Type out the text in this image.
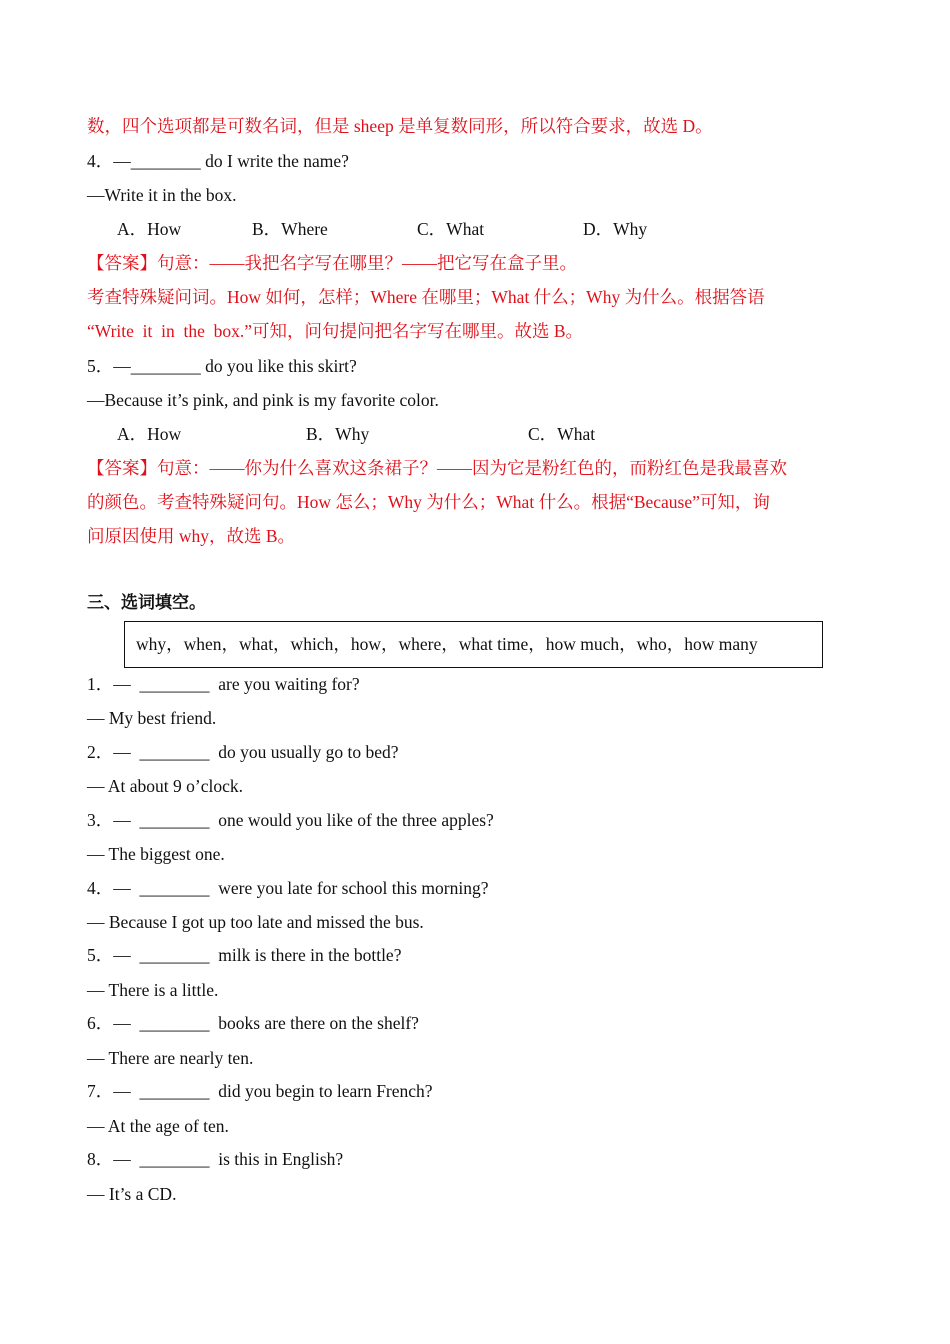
数，四个选项都是可数名词，但是 sheep 是单复数同形，所以符合要求，故选 D。
4．—________ do I write the name?
—Write it in the box.
A．How	B．Where	C．What	D．Why
【答案】句意：——我把名字写在哪里？——把它写在盒子里。
考查特殊疑问词。How 如何，怎样；Where 在哪里；What 什么；Why 为什么。根据答语
“Write  it  in  the  box.”可知，问句提问把名字写在哪里。故选 B。
5．—________ do you like this skirt?
—Because it’s pink, and pink is my favorite color.
A．How	B．Why	C．What
【答案】句意：——你为什么喜欢这条裙子？——因为它是粉红色的，而粉红色是我最喜欢
的颜色。考查特殊疑问句。How 怎么；Why 为什么；What 什么。根据“Because”可知，询
问原因使用 why，故选 B。
三、选词填空。
why，when，what，which，how，where，what time，how much，who，how many
1．—  ________  are you waiting for?
— My best friend.
2．—  ________  do you usually go to bed?
— At about 9 o’clock.
3．—  ________  one would you like of the three apples?
— The biggest one.
4．—  ________  were you late for school this morning?
— Because I got up too late and missed the bus.
5．—  ________  milk is there in the bottle?
— There is a little.
6．—  ________  books are there on the shelf?
— There are nearly ten.
7．—  ________  did you begin to learn French?
— At the age of ten.
8．—  ________  is this in English?
— It’s a CD.
